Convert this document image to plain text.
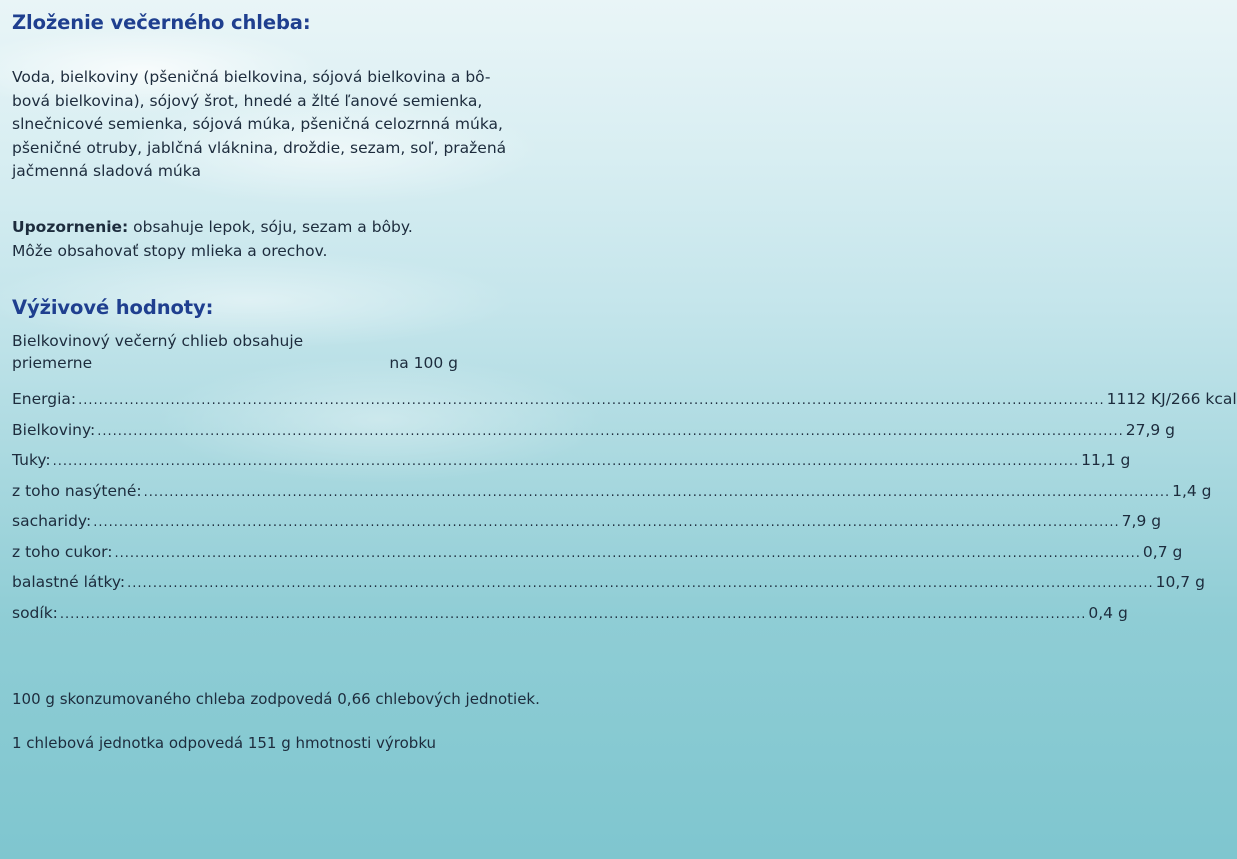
Zloženie večerného chleba:
Voda, bielkoviny (pšeničná bielkovina, sójová bielkovina a bô-
bová bielkovina), sójový šrot, hnedé a žlté ľanové semienka,
slnečnicové semienka, sójová múka, pšeničná celozrnná múka,
pšeničné otruby, jablčná vláknina, droždie, sezam, soľ, pražená
jačmenná sladová múka
Upozornenie: obsahuje lepok, sóju, sezam a bôby.
Môže obsahovať stopy mlieka a orechov.
Výživové hodnoty:
Bielkovinový večerný chlieb obsahuje
priemerne	na 100 g
Energia: ........................................................................................................................................................................................................ 1112 KJ/266 kcal
Bielkoviny: ........................................................................................................................................................................................................ 27,9 g
Tuky: ........................................................................................................................................................................................................ 11,1 g
z toho nasýtené: ........................................................................................................................................................................................................ 1,4 g
sacharidy: ........................................................................................................................................................................................................ 7,9 g
z toho cukor: ........................................................................................................................................................................................................ 0,7 g
balastné látky: ........................................................................................................................................................................................................ 10,7 g
sodík: ........................................................................................................................................................................................................ 0,4 g

100 g skonzumovaného chleba zodpovedá 0,66 chlebových jednotiek.

1 chlebová jednotka odpovedá 151 g hmotnosti výrobku
